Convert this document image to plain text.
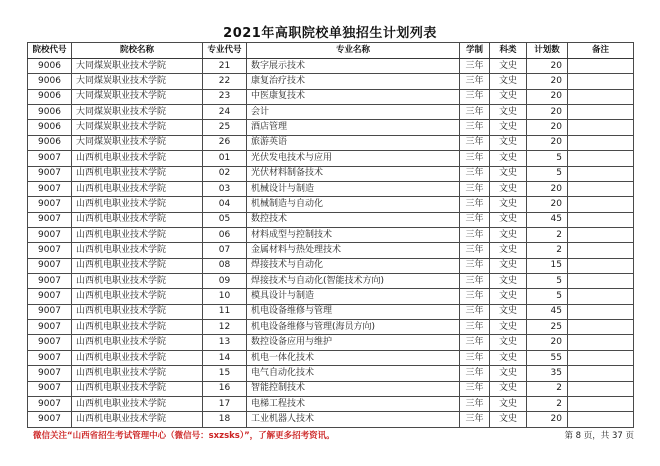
2021年高职院校单独招生计划列表
院校代号	院校名称	专业代号	专业名称	学制	科类	计划数	备注
9006	大同煤炭职业技术学院	21	数字展示技术	三年	文史	20	
9006	大同煤炭职业技术学院	22	康复治疗技术	三年	文史	20	
9006	大同煤炭职业技术学院	23	中医康复技术	三年	文史	20	
9006	大同煤炭职业技术学院	24	会计	三年	文史	20	
9006	大同煤炭职业技术学院	25	酒店管理	三年	文史	20	
9006	大同煤炭职业技术学院	26	旅游英语	三年	文史	20	
9007	山西机电职业技术学院	01	光伏发电技术与应用	三年	文史	5	
9007	山西机电职业技术学院	02	光伏材料制备技术	三年	文史	5	
9007	山西机电职业技术学院	03	机械设计与制造	三年	文史	20	
9007	山西机电职业技术学院	04	机械制造与自动化	三年	文史	20	
9007	山西机电职业技术学院	05	数控技术	三年	文史	45	
9007	山西机电职业技术学院	06	材料成型与控制技术	三年	文史	2	
9007	山西机电职业技术学院	07	金属材料与热处理技术	三年	文史	2	
9007	山西机电职业技术学院	08	焊接技术与自动化	三年	文史	15	
9007	山西机电职业技术学院	09	焊接技术与自动化(智能技术方向)	三年	文史	5	
9007	山西机电职业技术学院	10	模具设计与制造	三年	文史	5	
9007	山西机电职业技术学院	11	机电设备维修与管理	三年	文史	45	
9007	山西机电职业技术学院	12	机电设备维修与管理(海员方向)	三年	文史	25	
9007	山西机电职业技术学院	13	数控设备应用与维护	三年	文史	20	
9007	山西机电职业技术学院	14	机电一体化技术	三年	文史	55	
9007	山西机电职业技术学院	15	电气自动化技术	三年	文史	35	
9007	山西机电职业技术学院	16	智能控制技术	三年	文史	2	
9007	山西机电职业技术学院	17	电梯工程技术	三年	文史	2	
9007	山西机电职业技术学院	18	工业机器人技术	三年	文史	20	
微信关注“山西省招生考试管理中心（微信号：sxzsks）”，了解更多招考资讯。	第 8 页，共 37 页
